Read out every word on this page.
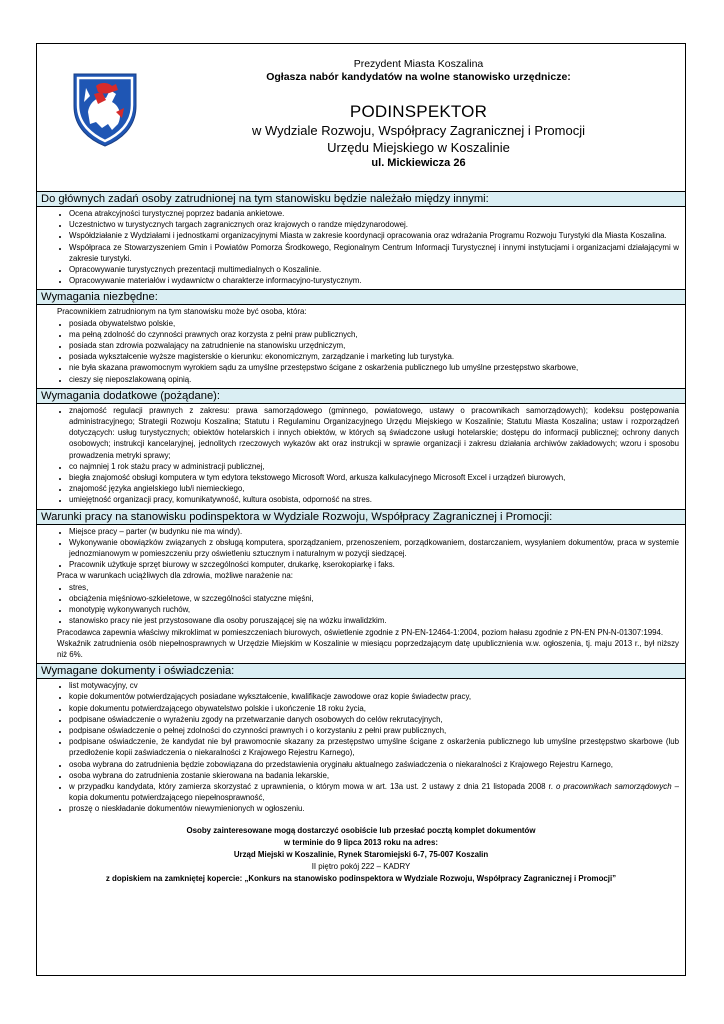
Prezydent Miasta Koszalina
Ogłasza nabór kandydatów na wolne stanowisko urzędnicze:
PODINSPEKTOR
w Wydziale Rozwoju, Współpracy Zagranicznej i Promocji
Urzędu Miejskiego w Koszalinie
ul. Mickiewicza 26
Do głównych zadań osoby zatrudnionej na tym stanowisku będzie należało między innymi:
• Ocena atrakcyjności turystycznej poprzez badania ankietowe.
• Uczestnictwo w turystycznych targach zagranicznych oraz krajowych o randze międzynarodowej.
• Współdziałanie z Wydziałami i jednostkami organizacyjnymi Miasta w zakresie koordynacji opracowania oraz wdrażania Programu Rozwoju Turystyki dla Miasta Koszalina.
• Współpraca ze Stowarzyszeniem Gmin i Powiatów Pomorza Środkowego, Regionalnym Centrum Informacji Turystycznej i innymi instytucjami i organizacjami działającymi w zakresie turystyki.
• Opracowywanie turystycznych prezentacji multimedialnych o Koszalinie.
• Opracowywanie materiałów i wydawnictw o charakterze informacyjno-turystycznym.
Wymagania niezbędne:

Pracownikiem zatrudnionym na tym stanowisku może być osoba, która:

• posiada obywatelstwo polskie,
• ma pełną zdolność do czynności prawnych oraz korzysta z pełni praw publicznych,
• posiada stan zdrowia pozwalający na zatrudnienie na stanowisku urzędniczym,
• posiada wykształcenie wyższe magisterskie o kierunku: ekonomicznym, zarządzanie i marketing lub turystyka.
• nie była skazana prawomocnym wyrokiem sądu za umyślne przestępstwo ścigane z oskarżenia publicznego lub umyślne przestępstwo skarbowe,
• cieszy się nieposzlakowaną opinią.
Wymagania dodatkowe (pożądane):
• znajomość regulacji prawnych z zakresu: prawa samorządowego (gminnego, powiatowego, ustawy o pracownikach samorządowych); kodeksu postępowania administracyjnego; Strategii Rozwoju Koszalina; Statutu i Regulaminu Organizacyjnego Urzędu Miejskiego w Koszalinie; Statutu Miasta Koszalina; ustaw i rozporządzeń dotyczących: usług turystycznych; obiektów hotelarskich i innych obiektów, w których są świadczone usługi hotelarskie; dostępu do informacji publicznej; ochrony danych osobowych; instrukcji kancelaryjnej, jednolitych rzeczowych wykazów akt oraz instrukcji w sprawie organizacji i zakresu działania archiwów zakładowych; wzoru i sposobu prowadzenia metryki sprawy;
• co najmniej 1 rok stażu pracy w administracji publicznej,
• biegła znajomość obsługi komputera w tym edytora tekstowego Microsoft Word, arkusza kalkulacyjnego Microsoft Excel i urządzeń biurowych,
• znajomość języka angielskiego lub/i niemieckiego,
• umiejętność organizacji pracy, komunikatywność, kultura osobista, odporność na stres.
Warunki pracy na stanowisku podinspektora w Wydziale Rozwoju, Współpracy Zagranicznej i Promocji:
• Miejsce pracy – parter (w budynku nie ma windy).
• Wykonywanie obowiązków związanych z obsługą komputera, sporządzaniem, przenoszeniem, porządkowaniem, dostarczaniem, wysyłaniem dokumentów, praca w systemie jednozmianowym w pomieszczeniu przy oświetleniu sztucznym i naturalnym w pozycji siedzącej.
• Pracownik użytkuje sprzęt biurowy w szczególności komputer, drukarkę, kserokopiarkę i faks.

Praca w warunkach uciążliwych dla zdrowia, możliwe narażenie na:

• stres,
• obciążenia mięśniowo-szkieletowe, w szczególności statyczne mięśni,
• monotypię wykonywanych ruchów,
• stanowisko pracy nie jest przystosowane dla osoby poruszającej się na wózku inwalidzkim.

Pracodawca zapewnia właściwy mikroklimat w pomieszczeniach biurowych, oświetlenie zgodnie z PN-EN-12464-1:2004, poziom hałasu zgodnie z PN-EN PN-N-01307:1994.

Wskaźnik zatrudnienia osób niepełnosprawnych w Urzędzie Miejskim w Koszalinie w miesiącu poprzedzającym datę upublicznienia w.w. ogłoszenia, tj. maju 2013 r., był niższy niż 6%.

Wymagane dokumenty i oświadczenia:
• list motywacyjny, cv
• kopie dokumentów potwierdzających posiadane wykształcenie, kwalifikacje zawodowe oraz kopie świadectw pracy,
• kopie dokumentu potwierdzającego obywatelstwo polskie i ukończenie 18 roku życia,
• podpisane oświadczenie o wyrażeniu zgody na przetwarzanie danych osobowych do celów rekrutacyjnych,
• podpisane oświadczenie o pełnej zdolności do czynności prawnych i o korzystaniu z pełni praw publicznych,
• podpisane oświadczenie, że kandydat nie był prawomocnie skazany za przestępstwo umyślne ścigane z oskarżenia publicznego lub umyślne przestępstwo skarbowe (lub przedłożenie kopii zaświadczenia o niekaralności z Krajowego Rejestru Karnego),
• osoba wybrana do zatrudnienia będzie zobowiązana do przedstawienia oryginału aktualnego zaświadczenia o niekaralności z Krajowego Rejestru Karnego,
• osoba wybrana do zatrudnienia zostanie skierowana na badania lekarskie,
• w przypadku kandydata, który zamierza skorzystać z uprawnienia, o którym mowa w art. 13a ust. 2 ustawy z dnia 21 listopada 2008 r. o pracownikach samorządowych – kopia dokumentu potwierdzającego niepełnosprawność,
• proszę o nieskładanie dokumentów niewymienionych w ogłoszeniu.
Osoby zainteresowane mogą dostarczyć osobiście lub przesłać pocztą komplet dokumentów
w terminie do 9 lipca 2013 roku na adres:
Urząd Miejski w Koszalinie, Rynek Staromiejski 6-7, 75-007 Koszalin
II piętro pokój 222 – KADRY
z dopiskiem na zamkniętej kopercie: „Konkurs na stanowisko podinspektora w Wydziale Rozwoju, Współpracy Zagranicznej i Promocji”
